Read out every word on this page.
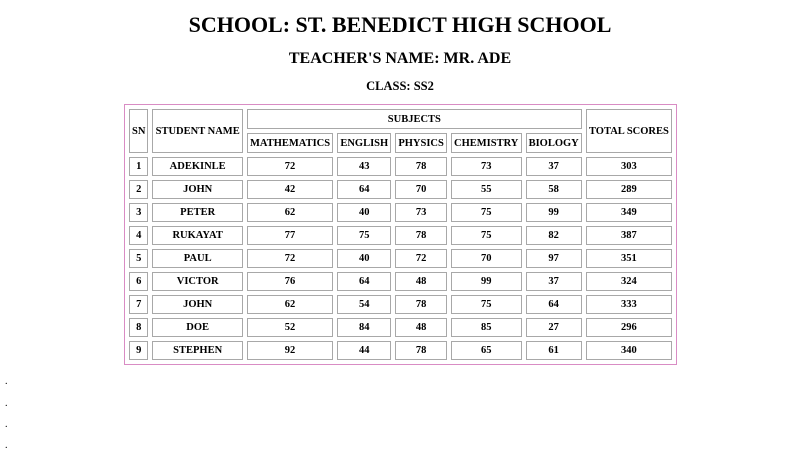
SCHOOL: ST. BENEDICT HIGH SCHOOL
TEACHER'S NAME: MR. ADE
CLASS: SS2
SN	STUDENT NAME	SUBJECTS					TOTAL SCORES
		MATHEMATICS	ENGLISH	PHYSICS	CHEMISTRY	BIOLOGY	
1	ADEKINLE	72	43	78	73	37	303
2	JOHN	42	64	70	55	58	289
3	PETER	62	40	73	75	99	349
4	RUKAYAT	77	75	78	75	82	387
5	PAUL	72	40	72	70	97	351
6	VICTOR	76	64	48	99	37	324
7	JOHN	62	54	78	75	64	333
8	DOE	52	84	48	85	27	296
9	STEPHEN	92	44	78	65	61	340
.
.
.
.
